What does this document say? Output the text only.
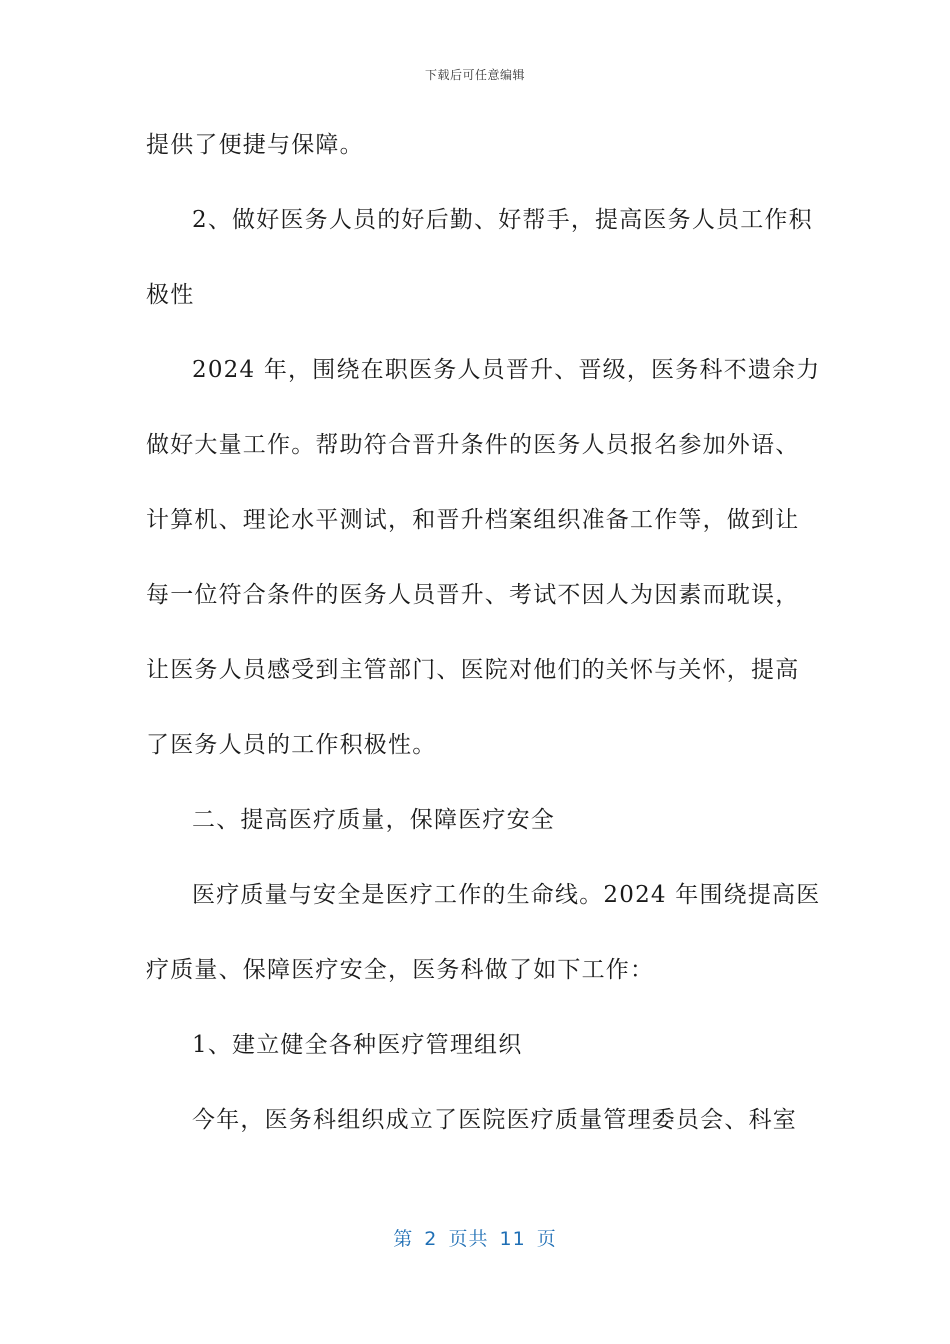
下载后可任意编辑
提供了便捷与保障。
2、做好医务人员的好后勤、好帮手，提高医务人员工作积
极性
2024 年，围绕在职医务人员晋升、晋级，医务科不遗余力
做好大量工作。帮助符合晋升条件的医务人员报名参加外语、
计算机、理论水平测试，和晋升档案组织准备工作等，做到让
每一位符合条件的医务人员晋升、考试不因人为因素而耽误，
让医务人员感受到主管部门、医院对他们的关怀与关怀，提高
了医务人员的工作积极性。
二、提高医疗质量，保障医疗安全
医疗质量与安全是医疗工作的生命线。2024 年围绕提高医
疗质量、保障医疗安全，医务科做了如下工作：
1、建立健全各种医疗管理组织
今年，医务科组织成立了医院医疗质量管理委员会、科室
第 2 页共 11 页
